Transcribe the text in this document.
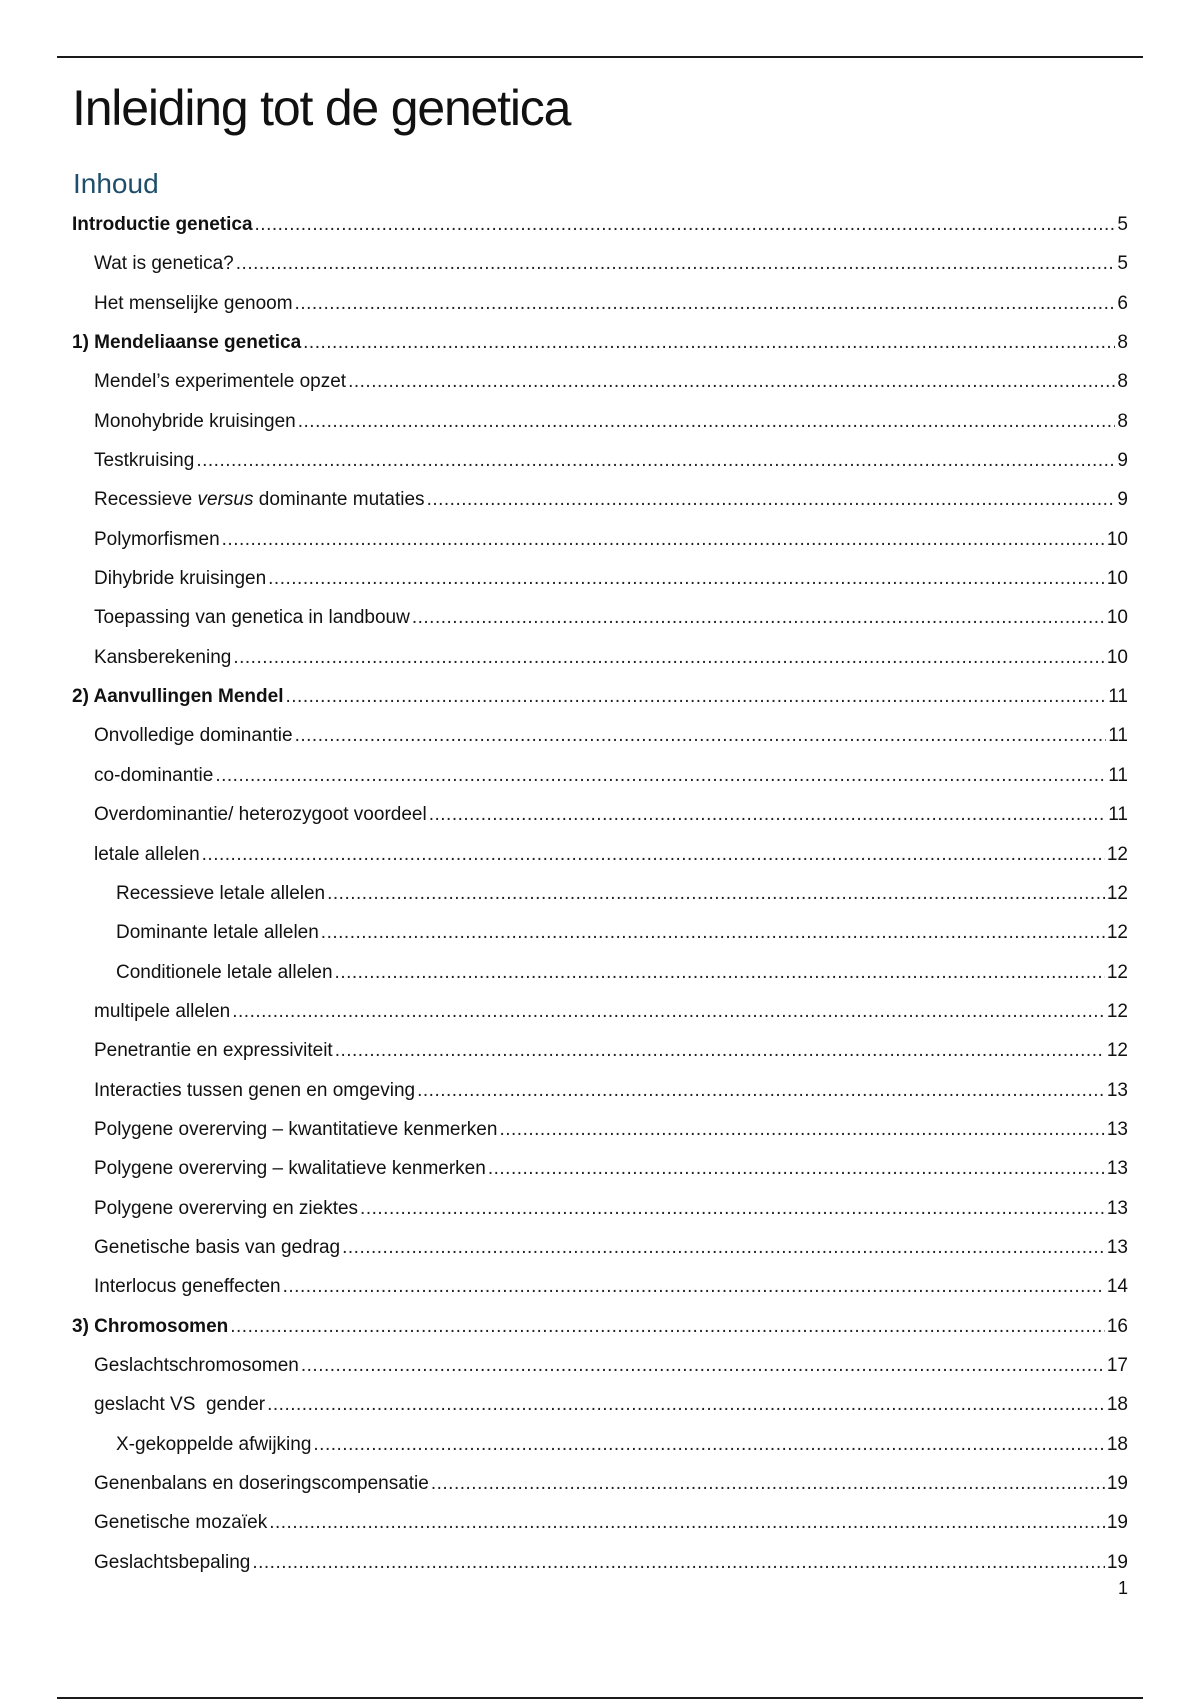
Inleiding tot de genetica
Inhoud
Introductie genetica .....	5
Wat is genetica? .....	5
Het menselijke genoom .....	6
1) Mendeliaanse genetica .....	8
Mendel’s experimentele opzet .....	8
Monohybride kruisingen .....	8
Testkruising .....	9
Recessieve versus dominante mutaties .....	9
Polymorfismen .....	10
Dihybride kruisingen .....	10
Toepassing van genetica in landbouw .....	10
Kansberekening .....	10
2) Aanvullingen Mendel .....	11
Onvolledige dominantie .....	11
co-dominantie .....	11
Overdominantie/ heterozygoot voordeel .....	11
letale allelen .....	12
Recessieve letale allelen .....	12
Dominante letale allelen .....	12
Conditionele letale allelen .....	12
multipele allelen .....	12
Penetrantie en expressiviteit .....	12
Interacties tussen genen en omgeving .....	13
Polygene overerving – kwantitatieve kenmerken .....	13
Polygene overerving – kwalitatieve kenmerken .....	13
Polygene overerving en ziektes .....	13
Genetische basis van gedrag .....	13
Interlocus geneffecten .....	14
3) Chromosomen .....	16
Geslachtschromosomen .....	17
geslacht VS  gender .....	18
X-gekoppelde afwijking .....	18
Genenbalans en doseringscompensatie .....	19
Genetische mozaïek .....	19
Geslachtsbepaling .....	19
1
